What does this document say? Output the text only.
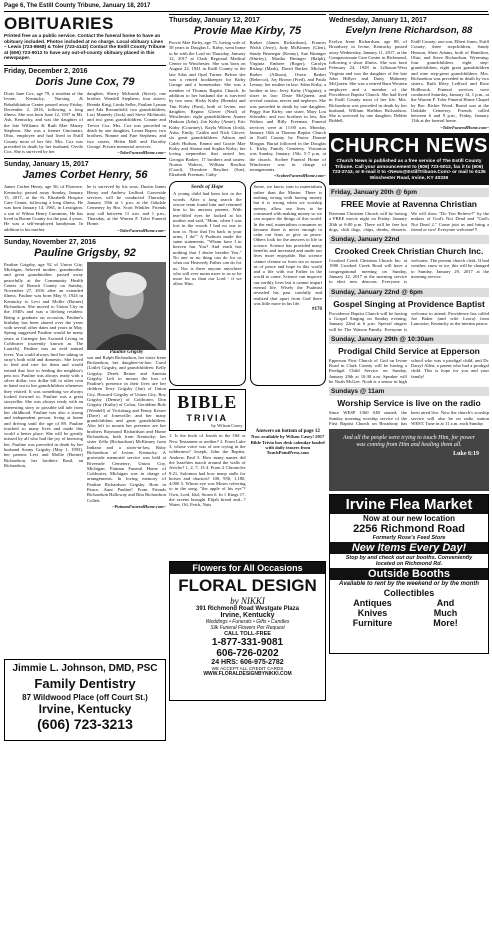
Page 6, The Estill County Tribune, January 18, 2017
OBITUARIES
Printed free as a public service. Contact the funeral home to have an obituary included. Photos included at no charge. Local obituary Lines – Lewis (723-8668) & Toler (723-4142) Contact the Estill County Tribune at (606) 723-9012 to have any out-of-county obituary placed in this newspaper.
Friday, December 2, 2016
Doris June Cox, 79

Doris June Cox, age 79, a resident of the Irvine, Kentucky, Nursing & Rehabilitation Center passed away Friday, December 2, 2016, following a long illness. She was born June 12, 1937 in Mt. Ash, Kentucky, and was the daughter of the late Williams & Ruth Mae Maney Stephens. She was a former Cincinnati, Ohio, employee and had lived in Estill County most of her life. Mrs. Cox was preceded in death by her husband, Orvile Cox. She is survived by her

daughter, Sherry McIntosh (Steve); one brother, Wendell Stephens; four sisters: Brenda King, Linda Seller, Pauline Lyman and Ada Broumfield; two grandchildren, Lori Maneely (Jack) and Steve McIntosh; and two great grandchildren, Connie and Trevor Cox. Mrs. Cox was preceded in death by one daughter, Leona Roper; two brothers, Ronnie and Fate Stephens; and two sisters, Helen Bell and Dorothy George. Private memorial services.

~TolerFuneralHome.com~
Sunday, January 15, 2017
James Corbet Henry, 56

James Corbet Henry, age 56, of Florence, Kentucky, passed away Sunday, January 15, 2017, at the St. Elizabeth Hospice Care Center, following a long illness. He was born January 14, 1961, in Lexington, a son of Wilma Henry Cummins. He has lived in Boone County for the past 4 years. He was a self-employed handyman. In addition to his mother,

he is survived by his sons: Dustin James Henry and Andrew Ledford. Graveside services will be conducted Thursday, January 19th at 1 p.m. at the Oakdale Cemetery by Bro. Scott Winkler. Friends may call between 11 a.m. and 1 p.m., Thursday, at the Warren F. Toler Funeral Home.

~TolerFuneralHome.com~
Sunday, November 27, 2016
Pauline Grigsby, 92

Pauline Grigsby, age 92 of Union City, Michigan, beloved mother, grandmother and great grandmother, passed away peacefully at the Community Health Center of Branch County on Sunday, November 27, 2016 after an extended illness. Pauline was born May 9, 1924 in Kentucky to Levi and Mollie (Botner) Richardson. She moved to Union City in the 1940's and was a lifelong resident. Being a graduate on occasion, Pauline's birthday has been shared over the years with several other dates and years in May. Spring suggested Pauline would be many years at Carnegie Inn Assisted Living in Coldwater (currently known as The Laurels). Pauline was an avid animal lover. You could always find her taking in stray's both wild and domestic. She loved to feed and care for them and would extend that love to feeding the neighbor's pets too. Pauline was always ready with a silver dollar, two dollar bill or other coin in hand out to her grandchildren whenever they visited. It was something we always looked forward to. Pauline was a great storyteller. She was always ready with an interesting story or possible tall tale from her childhood. Pauline was also a strong and independent person, living at home and driving until the age of 89. Pauline touched so many lives and made this world a better place. She will be greatly missed by all who had the joy of knowing her. Pauline was preceded in death by her husband Sonny Grigsby (May 1, 1993), her parents Levi and Mollie (Botner) Richardson, her brothers Basil, an Richardson,

Pauline Grigsby

son and Ralph Richardson, her sister Irene Richardson, her daughter-in-law: Carol (Little) Grigsby, and grandchildren: Kelly Grigsby, Derek Reiner and Amenia Grigsby. Left to mourn the loss of Pauline's presence in their lives are her children Terry Grigsby (Jan) of Union City, Howard Grigsby of Union City, Roy Grigsby (Denise) of Coldwater, Don Grigsby (Kathy) of Colon, Geraldine Bole (Wendell) of Vicksburg and Penny Kesser (Dave) of Jonesville; and her many grandchildren and great grandchildren. Also left to mourn her presence are her brothers Raymond Richardson and Hume Richardson, both from Kentucky; her sister Zella (Richardson) McKinney from Indiana and a sister-in-law, Ruby Richardson of Irvine, Kentucky. A graveside memorial service was held at Riverside Cemetery, Union City, Michigan. Putnam Funeral Home of Coldwater, Michigan was in charge of arrangements. In loving memory of Pauline Richardson Grigsby. Born in Pauce, Aunt Pauline! From Friends Richardson Halloway and Rita Richardson Collett.

~PutnamFuneralHome.com~
Jimmie L. Johnson, DMD, PSC
Family Dentistry
87 Wildwood Place (off Court St.)
Irvine, Kentucky
(606) 723-3213
Thursday, January 12, 2017
Provie Mae Kirby, 75

Provie Mae Kirby, age 75, loving wife of 58 years to Douglas L. Kirby, went home to be with the Lord on Thursday, January 12, 2017 at Clark Regional Medical Center in Winchester. She was born on August 22, 1941 in Estill County to the late Silas and Opal Turner. Before she was a retired bookkeeper for Kirby Garage and a homemaker. She was a member of Thomas Baptist Church. In addition to her husband she is survived by two sons: Ricky Kirby (Brenda) and Tim Kirby (Pam), both of Irvine; one daughter, Regina Glover (Neal) of Winchester; eight grandchildren: Amera Hinkom (John), Jon Kirby (Amie), Eric Kirby (Courtney), Kayla Wilson (Josh), Asha, Emily, Caitlin and Nick Glover; six great grandchildren: Adison and Caleb Hudson, Emma and Gracie Mae Kirby and Abram and Sophia Kirby; her loving stepmother that raised her, Georgia Barker; 17 brothers and sisters: Norma Walters, William Rawlins (Carol), Theodore Rawlins (Sue), Elizabeth Freeman, Cathy

Barker (James Richardson), Frances Walsh (Jerry), Judy McKinney (Glen), Sandy Bennegar (Kenny), Sue Bininger (Shirley), Martha Bininger (Ralph), Virginia Embree (Roger), Carolyn Bishop (Mark), David Barker, Michael Barker (Allison), Owen Barker (Rebecca), Joy Brown (Fred), and Paula Lemay; her mother in law: Edna Kirby, a brother in law: Jerry Kirby (Virginia); a sister in law: Dixie McQueen; and several cousins, nieces and nephews. She was preceded in death by one daughter, Peggy Sue Kirby; one sister, Mary Lou Schrader; and two brothers in law, Jim Walton and Billy Freeman. Funeral services were at 11:00 a.m. Monday, January 16th at Thomas Baptist Church in Estill County by Pastor Donnie Morgan. Burial followed in the Douglas L. Kirby Family Cemetery. Visitation was Sunday, January 15th, 5-7 p.m. at the church. Scobee Funeral Home of Winchester was in charge of arrangements.

~ScobeeFuneralHome.com~
Seeds of Hope

A young child had been lost in the woods. After a long search the rescue team found him and returned him to his anxious parents. With tear-filled eyes he looked at his mother and said, "Mom, when I was lost in the woods I had no one to turn to. Now that I'm back in your arms, I do!" A Psalmist made the same statements. "Whom have I in heaven but You? And earth has nothing that I desire besides You." No one or no thing can do for us what our Heavenly Father can do for us. Nor is there anyone anywhere who will ever mean more to us or be more for us than our Lord - if we allow Him.

Some, we know, turn to materialism rather than the Master. There is nothing wrong with having money but it is wrong when we worship money, allow our lives to be consumed with making money so we can acquire the things of this world. In the end, materialism consumes us because there is never enough to calm our fears or give us peace. Others look for the answers to life in science. Science has provided many benefits and increased and made our lives more enjoyable. But science cannot cleanse us from sin or assure us of peace and hope in this world and a life with our Father in the world to come. Science can improve our earthly lives but it cannot impart eternal life. Wisely the Psalmist revealed his past carefully and realized that apart from God there was little more in his life.

#170
BIBLE
TRIVIA
by Wilson Casey

1. Is the book of Josiah in the Old or New Testament or neither? 2. From Luke 3, whose voice was of one crying in the wilderness? Joseph, John the Baptist, Andrew, Paul 3. How many names did the Israelites march around the walls of Jericho? 1, 2, 7, 13 4. From 2 Chronicles 9:21, Solomon had how many stalls for horses and chariots? 100, 950, 1,180, 4,000 5. Whose eye was Moses referring to in the song, "the apple of his eye"? Own, Lord, Idol, Storm 6. In 1 Kings 17, the ravens brought Elijah bread and...? Water, Oil, Fetch, Nuts

Answers on bottom of page 12

Now available by Wilson Casey! 2017 Bible Trivia box desk calendar loaded with daily teasers from TouchPointPress.com

Flowers for All Occasions
FLORAL DESIGN
by NIKKI
391 Richmond Road Westgate Plaza
Irvine, Kentucky
Weddings • Funerals • Gifts • Candles
Silk Funeral Flowers Per Request
CALL TOLL-FREE
1-877-331-9081
606-726-0202
24 HRS: 606-975-2782
WE ACCEPT ALL CREDIT CARDS
WWW.FLORALDESIGNBYNIKKI.COM
Wednesday, January 11, 2017
Evelyn Irene Richardson, 88

Evelyn Irene Richardson, age 88, of Broadway in Irvine, Kentucky passed away Wednesday, January 11, 2017, at the Compassionate Care Center in Richmond, following a short illness. She was born February 24, 1928 in Lilbourn-West Virginia and was the daughter of the late John Hillyer and Daisy Mahoney McQueen. She was a retired Barn Western employee and a member of the Providence Baptist Church. She had lived in Estill County most of her life. Mrs. Richardson was preceded in death by her husband, William Sheldon Richardson. She is survived by one daughter, Debbie Riddell,

Estill County; one son, Elbert Jones, Estill County; three stepchildren, Sandy Henson, Sheri Adams, both of Hamilton, Ohio; and Steve Richardson, Wyoming; four grandchildren, eight step-grandchildren, eight great grandchildren and nine step-great grandchildren. Mrs. Richardson was preceded in death by two sisters, Ruth Riley Ledford and Rose Hollbrook. Funeral services were conducted Saturday, January 14, 1 p.m., at the Warren F. Toler Funeral Home Chapel by Bro. Richie Wood. Burial was at the Oakdale Cemetery. Friends called between 6 and 9 p.m., Friday, January 13th at the funeral home.

~TolerFuneralHome.com~
CHURCH NEWS
Church News is published as a free service of The Estill County Tribune. Call your announcement to (606) 723-5012, fax it to (606) 723-2743, or E-mail it to <News@EstillTribune.Com> or mail to 6135 Winchester Road, Irvine, KY 40336
Friday, January 20th @ 6pm
FREE Movie at Ravenna Christian

Ravenna Christian Church will be having a FREE movie night on Friday, January 20th at 6:00 p.m. There will be free hot dogs, chili dogs, chips, drinks, desserts. We will show "Do You Believe?" by the makers of God's Not Dead and "God's Not Dead 2." Come join us and bring a friend or two! Everyone welcome!!!

Sunday, January 22nd
Crooked Creek Christian Church Inc.

Crooked Creek Christian Church Inc. at 1980 Crooked Creek Road will have a congregational meeting on Sunday, January 22, 2017 at the morning service to elect new deacons. Everyone is welcome. The present church clerk. If bad weather, snow or ice, this will be changed to Sunday, January 29, 2017 at the morning service.

Sunday, January 22nd @ 6pm
Gospel Singing at Providence Baptist

Providence Baptist Church will be having a Gospel Singing on Sunday evening, January 22nd at 6 p.m. Special singers will be The Watson Family. Everyone is welcome to attend. Providence has called Joe Baker (and wife Leora) from Lancaster, Kentucky as the interim pastor.

Sunday, January 29th @ 10:30am
Prodigal Child Service at Epperson

Epperson First Church of God on Irvine Road in Clark County will be having a Prodigal Child Service on Sunday, January 29th at 10:30 a.m. Speaker will be Noah McGee. Noah is a senior in high school who was a prodigal child, and Dr. Darryl Allen, a parent who had a prodigal child. This is hope for you and your family!

Sundays @ 11am
Worship Service is live on the radio

Since WESP 1360 AM started, the Sunday morning worship service of the First Baptist Church on Broadway has been aired live. Now the church's worship service will also be on radio station WEST. Tune in at 11 a.m. each Sunday.

And all the people were trying to touch Him, for power was coming from Him and healing them all.
Luke 6:19
Irvine Flea Market
Now at our new location
2256 Richmond Road
Formerly Rose's Feed Store
New Items Every Day!
Stop by and check out our booths. Conveniently located on Richmond Rd.
Outside Booths
Available to rent by the weekend or by the month
Collectibles
Antiques	And
Knives	Much
Furniture	More!
